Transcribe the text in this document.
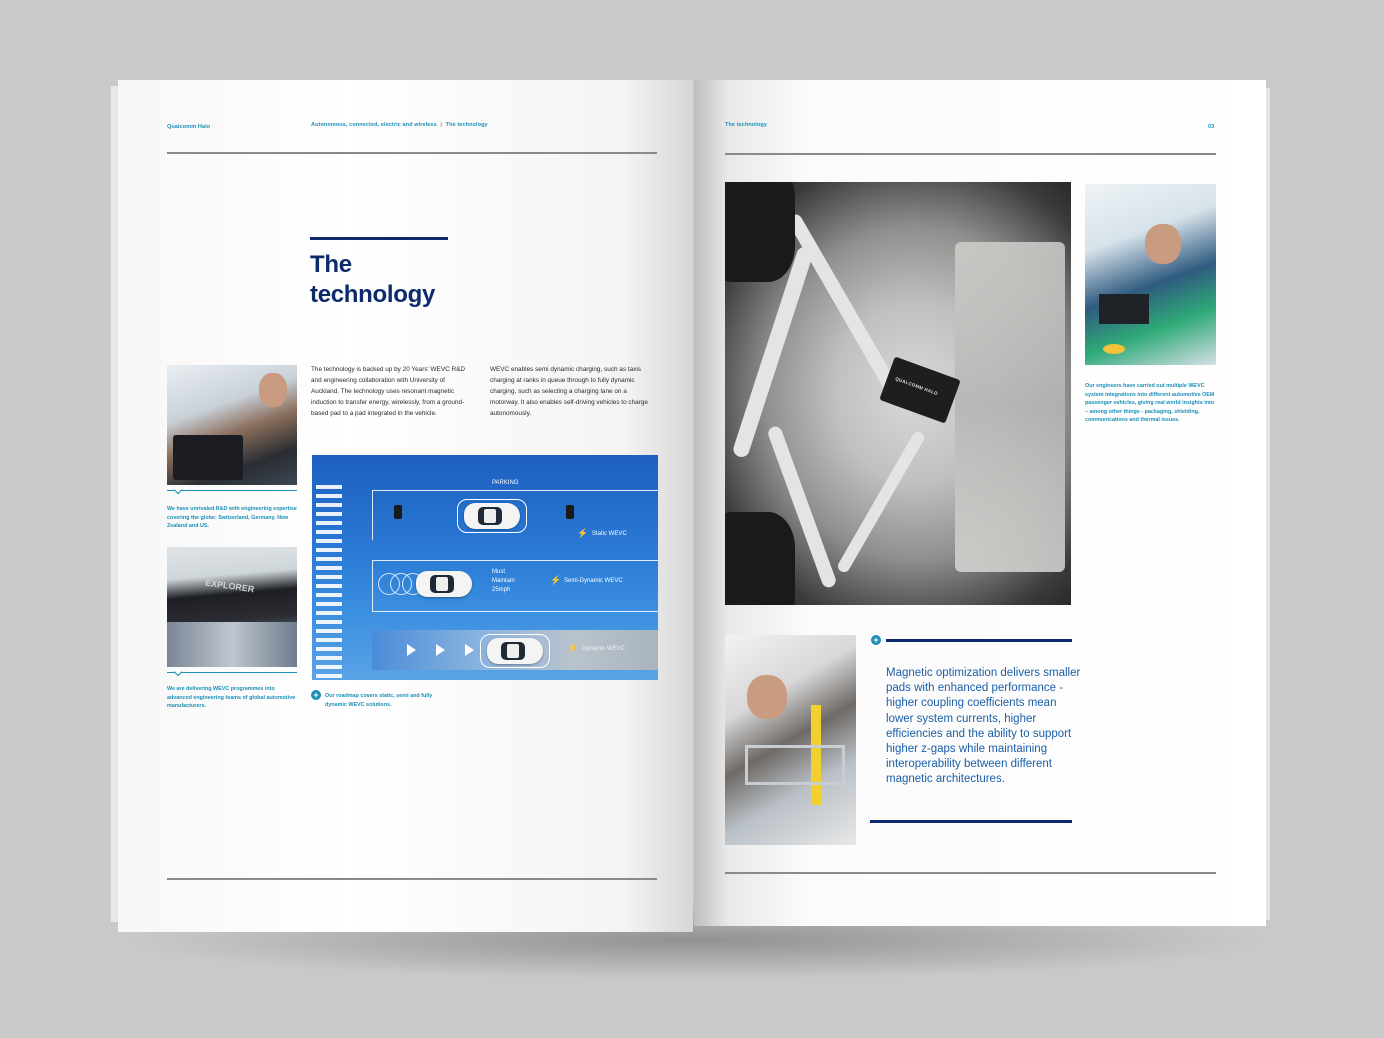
Qualcomm Halo	Autonomous, connected, electric and wireless | The technology
The
technology
The technology is backed up by 20 Years' WEVC R&D and engineering collaboration with University of Auckland. The technology uses resonant magnetic induction to transfer energy, wirelessly, from a ground-based pad to a pad integrated in the vehicle.
WEVC enables semi dynamic charging, such as taxis charging at ranks in queue through to fully dynamic charging, such as selecting a charging lane on a motorway. It also enables self-driving vehicles to charge autonomously.
We have unrivaled R&D with engineering expertise covering the globe: Switzerland, Germany, New Zealand and US.
EXPLORER
We are delivering WEVC programmes into advanced engineering teams of global automotive manufacturers.
PARKING
⚡ Static WEVC
Must
Maintain
25mph
⚡ Semi-Dynamic WEVC
⚡ Dynamic WEVC
+	Our roadmap covers static, semi and fully dynamic WEVC solutions.
The technology	03
QUALCOMM HALO	Our engineers have carried out multiple WEVC system integrations into different automotive OEM passenger vehicles, giving real world insights into – among other things - packaging, shielding, communications and thermal issues.
+
Magnetic optimization delivers smaller pads with enhanced performance - higher coupling coefficients mean lower system currents, higher efficiencies and the ability to support higher z-gaps while maintaining interoperability between different magnetic architectures.
